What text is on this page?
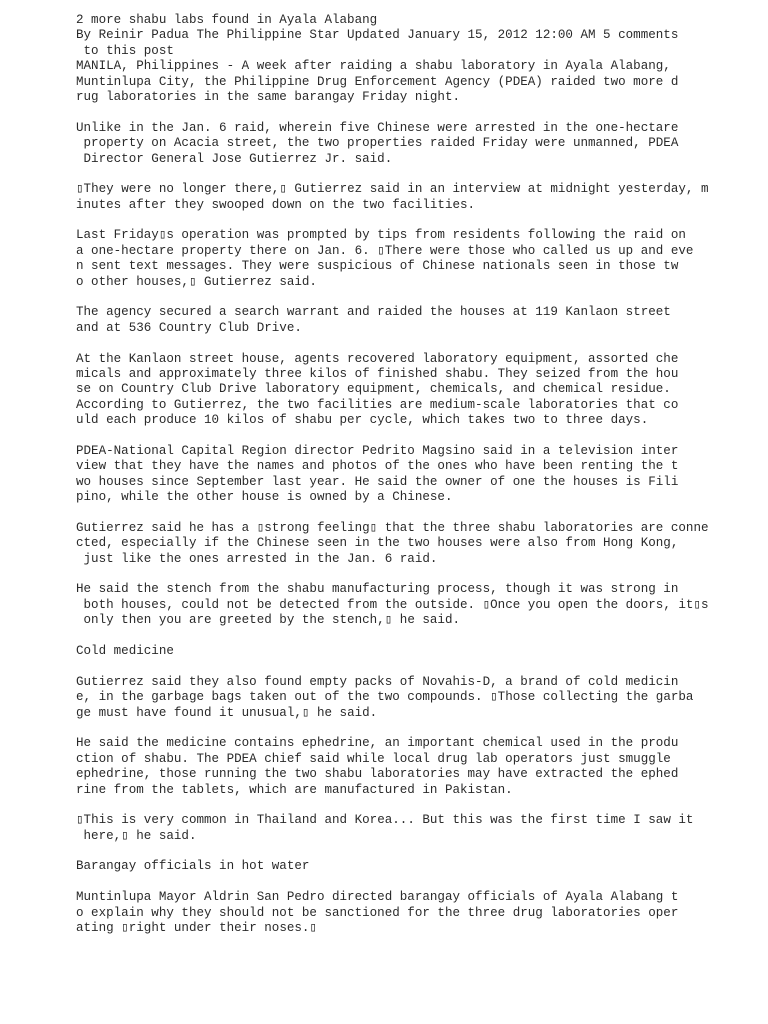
2 more shabu labs found in Ayala Alabang
By Reinir Padua The Philippine Star Updated January 15, 2012 12:00 AM 5 comments
to this post
MANILA, Philippines - A week after raiding a shabu laboratory in Ayala Alabang,
Muntinlupa City, the Philippine Drug Enforcement Agency (PDEA) raided two more d
rug laboratories in the same barangay Friday night.
Unlike in the Jan. 6 raid, wherein five Chinese were arrested in the one-hectare
property on Acacia street, the two properties raided Friday were unmanned, PDEA
Director General Jose Gutierrez Jr. said.
▯They were no longer there,▯ Gutierrez said in an interview at midnight yesterday, m
inutes after they swooped down on the two facilities.
Last Friday▯s operation was prompted by tips from residents following the raid on
a one-hectare property there on Jan. 6. ▯There were those who called us up and eve
n sent text messages. They were suspicious of Chinese nationals seen in those tw
o other houses,▯ Gutierrez said.
The agency secured a search warrant and raided the houses at 119 Kanlaon street
and at 536 Country Club Drive.
At the Kanlaon street house, agents recovered laboratory equipment, assorted che
micals and approximately three kilos of finished shabu. They seized from the hou
se on Country Club Drive laboratory equipment, chemicals, and chemical residue.
According to Gutierrez, the two facilities are medium-scale laboratories that co
uld each produce 10 kilos of shabu per cycle, which takes two to three days.
PDEA-National Capital Region director Pedrito Magsino said in a television inter
view that they have the names and photos of the ones who have been renting the t
wo houses since September last year. He said the owner of one the houses is Fili
pino, while the other house is owned by a Chinese.
Gutierrez said he has a ▯strong feeling▯ that the three shabu laboratories are conne
cted, especially if the Chinese seen in the two houses were also from Hong Kong,
just like the ones arrested in the Jan. 6 raid.
He said the stench from the shabu manufacturing process, though it was strong in
both houses, could not be detected from the outside. ▯Once you open the doors, it▯s
only then you are greeted by the stench,▯ he said.
Cold medicine
Gutierrez said they also found empty packs of Novahis-D, a brand of cold medicin
e, in the garbage bags taken out of the two compounds. ▯Those collecting the garba
ge must have found it unusual,▯ he said.
He said the medicine contains ephedrine, an important chemical used in the produ
ction of shabu. The PDEA chief said while local drug lab operators just smuggle
ephedrine, those running the two shabu laboratories may have extracted the ephed
rine from the tablets, which are manufactured in Pakistan.
▯This is very common in Thailand and Korea... But this was the first time I saw it
here,▯ he said.
Barangay officials in hot water
Muntinlupa Mayor Aldrin San Pedro directed barangay officials of Ayala Alabang t
o explain why they should not be sanctioned for the three drug laboratories oper
ating ▯right under their noses.▯
